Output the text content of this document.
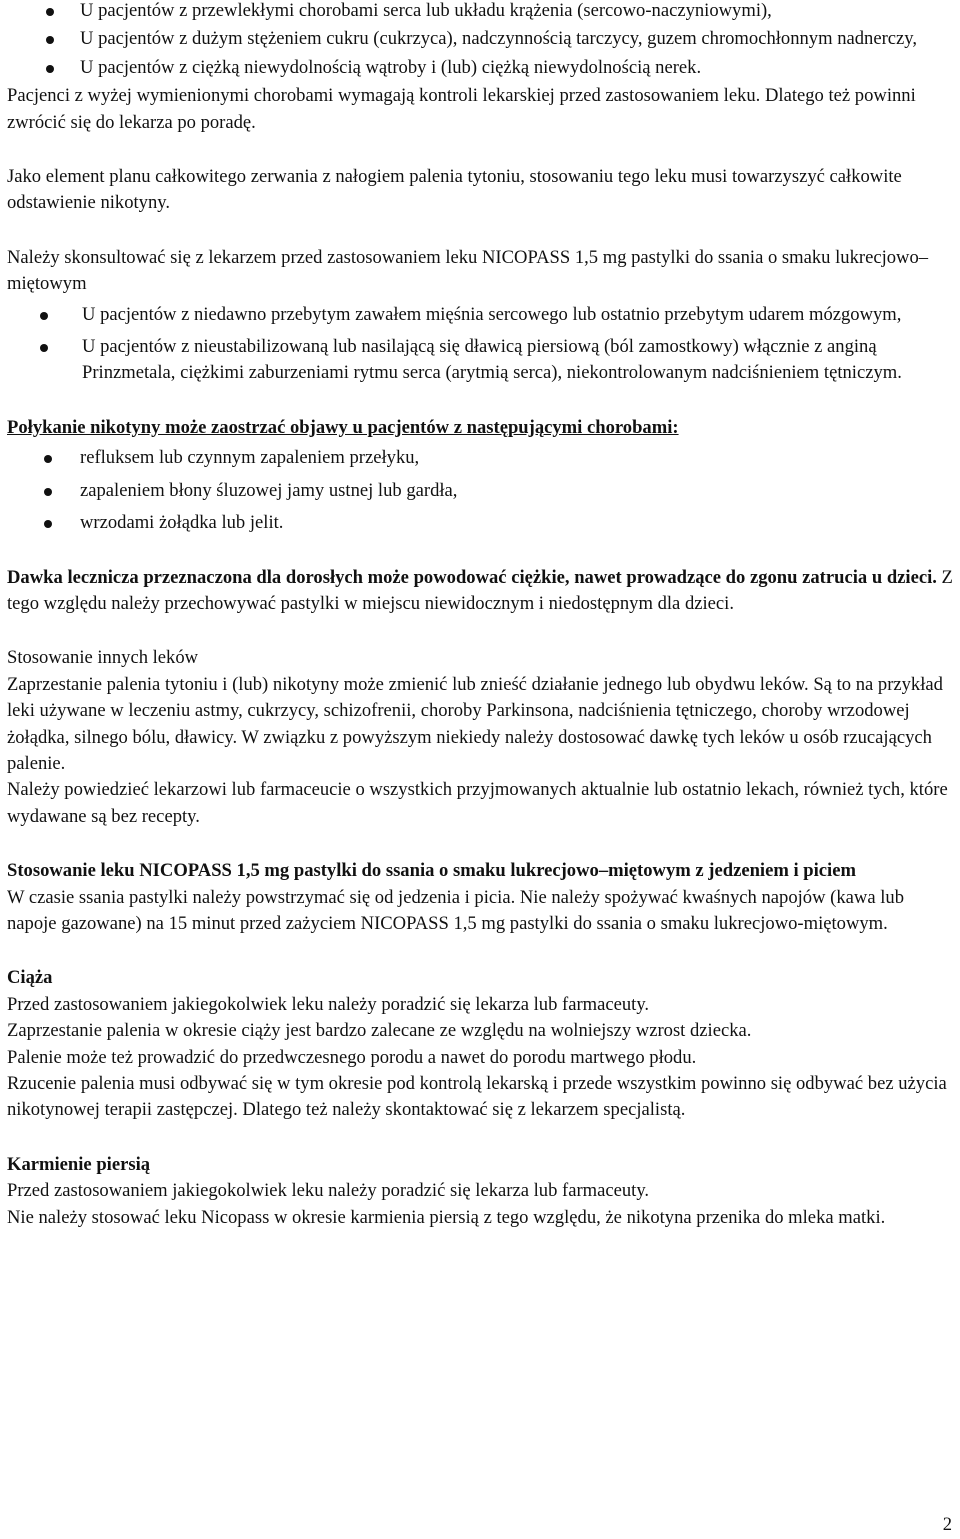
U pacjentów z przewlekłymi chorobami serca lub układu krążenia (sercowo-naczyniowymi),
U pacjentów z dużym stężeniem cukru (cukrzyca), nadczynnością tarczycy, guzem chromochłonnym nadnerczy,
U pacjentów z ciężką niewydolnością wątroby i (lub) ciężką niewydolnością nerek.

Pacjenci z wyżej wymienionymi chorobami wymagają kontroli lekarskiej przed zastosowaniem leku. Dlatego też powinni zwrócić się do lekarza po poradę.

Jako element planu całkowitego zerwania z nałogiem palenia tytoniu, stosowaniu tego leku musi towarzyszyć całkowite odstawienie nikotyny.

Należy skonsultować się z lekarzem przed zastosowaniem leku NICOPASS 1,5 mg pastylki do ssania o smaku lukrecjowo–miętowym

U pacjentów z niedawno przebytym zawałem mięśnia sercowego lub ostatnio przebytym udarem mózgowym,
U pacjentów z nieustabilizowaną lub nasilającą się dławicą piersiową (ból zamostkowy) włącznie z anginą Prinzmetala, ciężkimi zaburzeniami rytmu serca (arytmią serca), niekontrolowanym nadciśnieniem tętniczym.

Połykanie nikotyny może zaostrzać objawy u pacjentów z następującymi chorobami:

refluksem lub czynnym zapaleniem przełyku,
zapaleniem błony śluzowej jamy ustnej lub gardła,
wrzodami żołądka lub jelit.

Dawka lecznicza przeznaczona dla dorosłych może powodować ciężkie, nawet prowadzące do zgonu zatrucia u dzieci. Z tego względu należy przechowywać pastylki w miejscu niewidocznym i niedostępnym dla dzieci.

Stosowanie innych leków

Zaprzestanie palenia tytoniu i (lub) nikotyny może zmienić lub znieść działanie jednego lub obydwu leków. Są to na przykład leki używane w leczeniu astmy, cukrzycy, schizofrenii, choroby Parkinsona, nadciśnienia tętniczego, choroby wrzodowej żołądka, silnego bólu, dławicy. W związku z powyższym niekiedy należy dostosować dawkę tych leków u osób rzucających palenie.

Należy powiedzieć lekarzowi lub farmaceucie o wszystkich przyjmowanych aktualnie lub ostatnio lekach, również tych, które wydawane są bez recepty.

Stosowanie leku NICOPASS 1,5 mg pastylki do ssania o smaku lukrecjowo–miętowym z jedzeniem i piciem

W czasie ssania pastylki należy powstrzymać się od jedzenia i picia. Nie należy spożywać kwaśnych napojów (kawa lub napoje gazowane) na 15 minut przed zażyciem NICOPASS 1,5 mg pastylki do ssania o smaku lukrecjowo-miętowym.

Ciąża

Przed zastosowaniem jakiegokolwiek leku należy poradzić się lekarza lub farmaceuty.

Zaprzestanie palenia w okresie ciąży jest bardzo zalecane ze względu na wolniejszy wzrost dziecka.

Palenie może też prowadzić do przedwczesnego porodu a nawet do porodu martwego płodu.

Rzucenie palenia musi odbywać się w tym okresie pod kontrolą lekarską i przede wszystkim powinno się odbywać bez użycia nikotynowej terapii zastępczej. Dlatego też należy skontaktować się z lekarzem specjalistą.

Karmienie piersią

Przed zastosowaniem jakiegokolwiek leku należy poradzić się lekarza lub farmaceuty.

Nie należy stosować leku Nicopass w okresie karmienia piersią z tego względu, że nikotyna przenika do mleka matki.

2
